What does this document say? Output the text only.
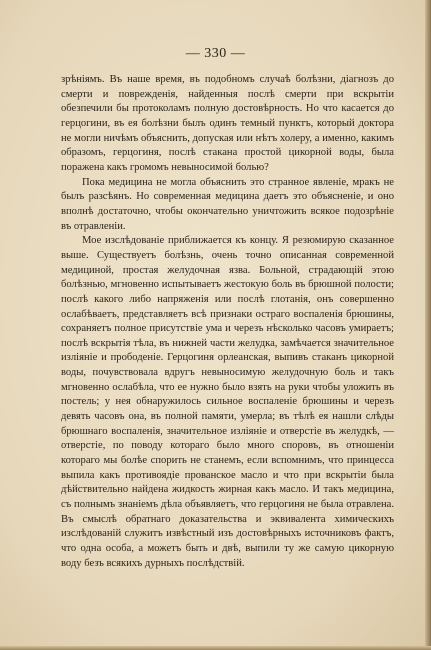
— 330 —

зрѣніямъ. Въ наше время, въ подобномъ случаѣ болѣзни, діагнозъ до смерти и поврежденія, найденныя послѣ смерти при вскрытіи обезпечили бы протоколамъ полную достовѣрность. Но что касается до герцогини, въ ея болѣзни былъ одинъ темный пунктъ, который доктора не могли ничѣмъ объяснить, допуская или нѣтъ холеру, а именно, какимъ образомъ, герцогиня, послѣ стакана простой цикорной воды, была поражена какъ громомъ невыносимой болью?

Пока медицина не могла объяснить это странное явленіе, мракъ не былъ разсѣянъ. Но современная медицина даетъ это объясненіе, и оно вполнѣ достаточно, чтобы окончательно уничтожить всякое подозрѣніе въ отравленіи.

Мое изслѣдованіе приближается къ концу. Я резюмирую сказанное выше. Существуетъ болѣзнь, очень точно описанная современной медициной, простая желудочная язва. Больной, страдающій этою болѣзнью, мгновенно испытываетъ жестокую боль въ брюшной полости; послѣ какого либо напряженія или послѣ глотанія, онъ совершенно ослабѣваетъ, представляетъ всѣ признаки остраго воспаленія брюшины, сохраняетъ полное присутствіе ума и черезъ нѣсколько часовъ умираетъ; послѣ вскрытія тѣла, въ нижней части желудка, замѣчается значительное изліяніе и прободеніе. Герцогиня орлеанская, выпивъ стаканъ цикорной воды, почувствовала вдругъ невыносимую желудочную боль и такъ мгновенно ослабѣла, что ее нужно было взять на руки чтобы уложить въ постель; у нея обнаружилось сильное воспаленіе брюшины и черезъ девять часовъ она, въ полной памяти, умерла; въ тѣлѣ ея нашли слѣды брюшнаго воспаленія, значительное изліяніе и отверстіе въ желудкѣ, — отверстіе, по поводу котораго было много споровъ, въ отношеніи котораго мы болѣе спорить не станемъ, если вспомнимъ, что принцесса выпила какъ противоядіе прованское масло и что при вскрытіи была дѣйствительно найдена жидкость жирная какъ масло. И такъ медицина, съ полнымъ знаніемъ дѣла объявляетъ, что герцогиня не была отравлена. Въ смыслѣ обратнаго доказательства и эквивалента химическихъ изслѣдованій служитъ извѣстный изъ достовѣрныхъ источниковъ фактъ, что одна особа, а можетъ быть и двѣ, выпили ту же самую цикорную воду безъ всякихъ дурныхъ послѣдствій.
